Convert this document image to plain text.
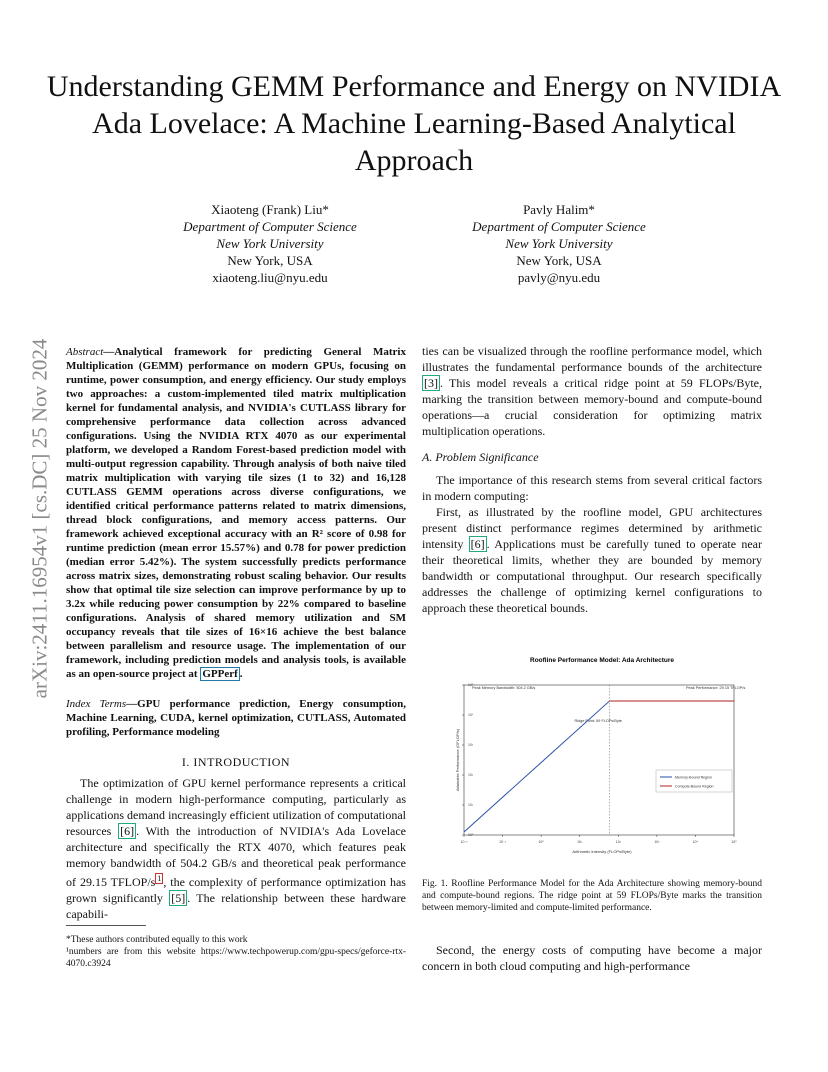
arXiv:2411.16954v1 [cs.DC] 25 Nov 2024
Understanding GEMM Performance and Energy on NVIDIA Ada Lovelace: A Machine Learning-Based Analytical Approach
Xiaoteng (Frank) Liu*
Department of Computer Science
New York University
New York, USA
xiaoteng.liu@nyu.edu
Pavly Halim*
Department of Computer Science
New York University
New York, USA
pavly@nyu.edu
Abstract—Analytical framework for predicting General Matrix Multiplication (GEMM) performance on modern GPUs, focusing on runtime, power consumption, and energy efficiency. Our study employs two approaches: a custom-implemented tiled matrix multiplication kernel for fundamental analysis, and NVIDIA's CUTLASS library for comprehensive performance data collection across advanced configurations. Using the NVIDIA RTX 4070 as our experimental platform, we developed a Random Forest-based prediction model with multi-output regression capability. Through analysis of both naive tiled matrix multiplication with varying tile sizes (1 to 32) and 16,128 CUTLASS GEMM operations across diverse configurations, we identified critical performance patterns related to matrix dimensions, thread block configurations, and memory access patterns. Our framework achieved exceptional accuracy with an R² score of 0.98 for runtime prediction (mean error 15.57%) and 0.78 for power prediction (median error 5.42%). The system successfully predicts performance across matrix sizes, demonstrating robust scaling behavior. Our results show that optimal tile size selection can improve performance by up to 3.2x while reducing power consumption by 22% compared to baseline configurations. Analysis of shared memory utilization and SM occupancy reveals that tile sizes of 16×16 achieve the best balance between parallelism and resource usage. The implementation of our framework, including prediction models and analysis tools, is available as an open-source project at GPPerf .
Index Terms—GPU performance prediction, Energy consumption, Machine Learning, CUDA, kernel optimization, CUTLASS, Automated profiling, Performance modeling
I. INTRODUCTION

The optimization of GPU kernel performance represents a critical challenge in modern high-performance computing, particularly as applications demand increasingly efficient utilization of computational resources [6] . With the introduction of NVIDIA's Ada Lovelace architecture and specifically the RTX 4070, which features peak memory bandwidth of 504.2 GB/s and theoretical peak performance of 29.15 TFLOP/s $^1$ , the complexity of performance optimization has grown significantly [5] . The relationship between these hardware capabili-

*These authors contributed equally to this work
¹numbers are from this website https://www.techpowerup.com/gpu-specs/geforce-rtx-4070.c3924
ties can be visualized through the roofline performance model, which illustrates the fundamental performance bounds of the architecture [3] . This model reveals a critical ridge point at 59 FLOPs/Byte, marking the transition between memory-bound and compute-bound operations—a crucial consideration for optimizing matrix multiplication operations.
A. Problem Significance

The importance of this research stems from several critical factors in modern computing:

First, as illustrated by the roofline model, GPU architectures present distinct performance regimes determined by arithmetic intensity [6] . Applications must be carefully tuned to operate near their theoretical limits, whether they are bounded by memory bandwidth or computational throughput. Our research specifically addresses the challenge of optimizing kernel configurations to approach these theoretical bounds.

Roofline Performance Model: Ada Architecture
10⁻²	10⁻¹	10⁰	10¹	10²	10³	10⁴	10⁵
10⁰
10¹
10²
10³
10⁴
10⁵
Arithmetic Intensity (FLOPs/Byte)
Attainable Performance (GFLOP/s)
Peak Memory Bandwidth: 504.2 GB/s	Peak Performance: 29.15 TFLOP/s
Ridge Point: 59 FLOPs/Byte
Memory-Bound Region
Compute-Bound Region
Fig. 1. Roofline Performance Model for the Ada Architecture showing memory-bound and compute-bound regions. The ridge point at 59 FLOPs/Byte marks the transition between memory-limited and compute-limited performance.

Second, the energy costs of computing have become a major concern in both cloud computing and high-performance
